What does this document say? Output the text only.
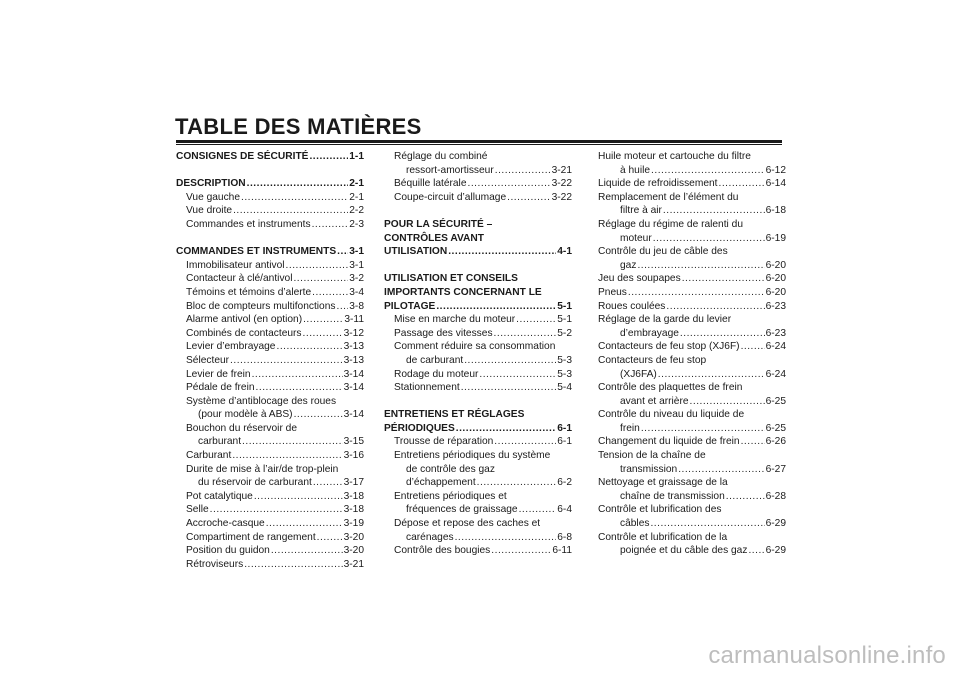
TABLE DES MATIÈRES
CONSIGNES DE SÉCURITÉ .....	1-1
DESCRIPTION .....	2-1
Vue gauche .....	2-1
Vue droite .....	2-2
Commandes et instruments .....	2-3
COMMANDES ET INSTRUMENTS ..... 3-1
Immobilisateur antivol .....	3-1
Contacteur à clé/antivol .....	3-2
Témoins et témoins d’alerte .....	3-4
Bloc de compteurs multifonctions ..... 3-8
Alarme antivol (en option) .....	3-11
Combinés de contacteurs .....	3-12
Levier d’embrayage .....	3-13
Sélecteur .....	3-13
Levier de frein .....	3-14
Pédale de frein .....	3-14
Système d’antiblocage des roues
(pour modèle à ABS) .....	3-14
Bouchon du réservoir de
carburant .....	3-15
Carburant .....	3-16
Durite de mise à l’air/de trop-plein
du réservoir de carburant .....	3-17
Pot catalytique .....	3-18
Selle .....	3-18
Accroche-casque .....	3-19
Compartiment de rangement .....	3-20
Position du guidon .....	3-20
Rétroviseurs .....	3-21
Réglage du combiné
ressort-amortisseur .....	3-21
Béquille latérale .....	3-22
Coupe-circuit d’allumage .....	3-22
POUR LA SÉCURITÉ –
CONTRÔLES AVANT
UTILISATION .....	4-1
UTILISATION ET CONSEILS
IMPORTANTS CONCERNANT LE
PILOTAGE .....	5-1
Mise en marche du moteur .....	5-1
Passage des vitesses .....	5-2
Comment réduire sa consommation
de carburant .....	5-3
Rodage du moteur .....	5-3
Stationnement .....	5-4
ENTRETIENS ET RÉGLAGES
PÉRIODIQUES .....	6-1
Trousse de réparation .....	6-1
Entretiens périodiques du système
de contrôle des gaz
d’échappement .....	6-2
Entretiens périodiques et
fréquences de graissage .....	6-4
Dépose et repose des caches et
carénages .....	6-8
Contrôle des bougies .....	6-11
Huile moteur et cartouche du filtre
à huile .....	6-12
Liquide de refroidissement .....	6-14
Remplacement de l’élément du
filtre à air .....	6-18
Réglage du régime de ralenti du
moteur .....	6-19
Contrôle du jeu de câble des
gaz .....	6-20
Jeu des soupapes .....	6-20
Pneus .....	6-20
Roues coulées .....	6-23
Réglage de la garde du levier
d’embrayage .....	6-23
Contacteurs de feu stop (XJ6F) .....	6-24
Contacteurs de feu stop
(XJ6FA) .....	6-24
Contrôle des plaquettes de frein
avant et arrière .....	6-25
Contrôle du niveau du liquide de
frein .....	6-25
Changement du liquide de frein .....	6-26
Tension de la chaîne de
transmission .....	6-27
Nettoyage et graissage de la
chaîne de transmission .....	6-28
Contrôle et lubrification des
câbles .....	6-29
Contrôle et lubrification de la
poignée et du câble des gaz ..... 6-29

carmanualsonline.info
